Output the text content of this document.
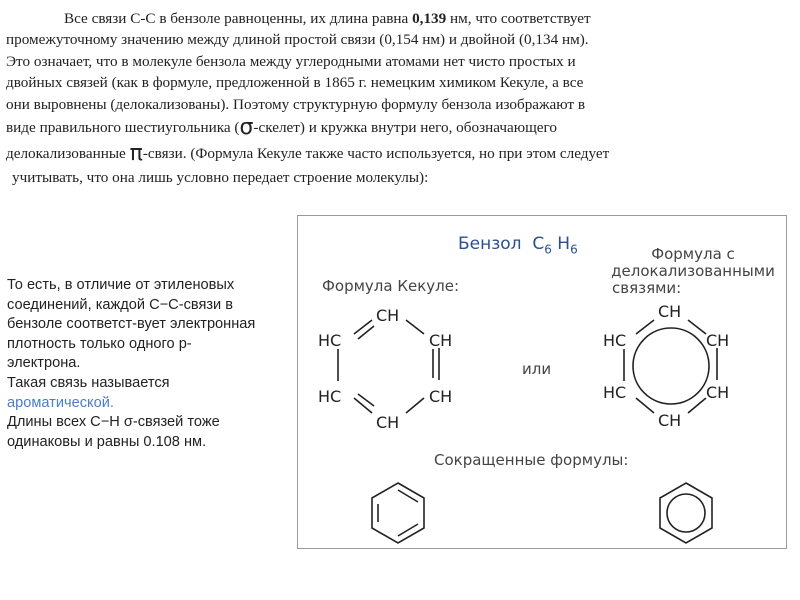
Все связи С-С в бензоле равноценны, их длина равна 0,139 нм, что соответствует
промежуточному значению между длиной простой связи (0,154 нм) и двойной (0,134 нм).
Это означает, что в молекуле бензола между углеродными атомами нет чисто простых и
двойных связей (как в формуле, предложенной в 1865 г. немецким химиком Кекуле, а все
они выровнены (делокализованы). Поэтому структурную формулу бензола изображают в
виде правильного шестиугольника (σ-скелет) и кружка внутри него, обозначающего
делокализованные π-связи. (Формула Кекуле также часто используется, но при этом следует
учитывать, что она лишь условно передает строение молекулы):
То есть, в отличие от этиленовых
соединений, каждой С−С-связи в
бензоле соответст-вует электронная
плотность только одного р-
электрона.
Такая связь называется
ароматической.
Длины всех С−Н σ-связей тоже
одинаковы и равны 0.108 нм.
Бензол $C_6$ $H_6$
Формула Кекуле:
Формула с
делокализованными
связями:
или
Сокращенные формулы:
CH
CH
CH
CH
HC
HC
CH
CH
CH
CH
HC
HC
